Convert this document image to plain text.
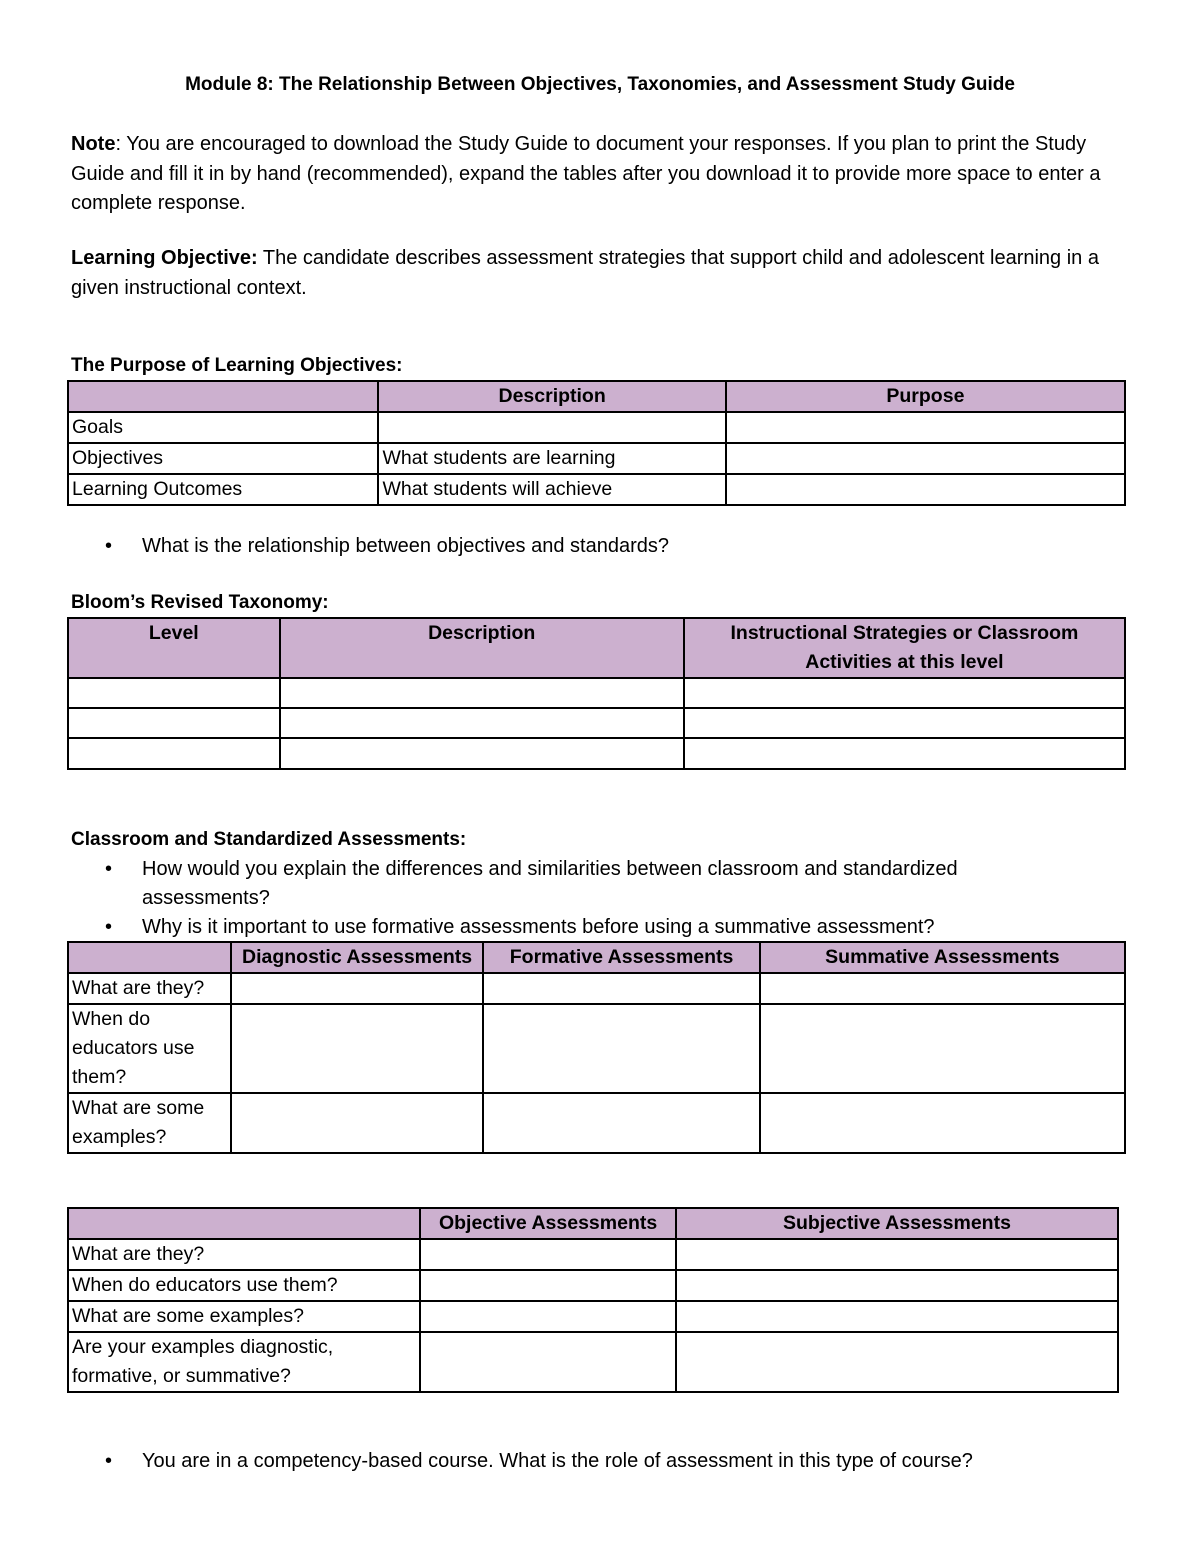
Module 8: The Relationship Between Objectives, Taxonomies, and Assessment Study Guide
Note: You are encouraged to download the Study Guide to document your responses. If you plan to print the Study Guide and fill it in by hand (recommended), expand the tables after you download it to provide more space to enter a complete response.
Learning Objective: The candidate describes assessment strategies that support child and adolescent learning in a given instructional context.
The Purpose of Learning Objectives:
	Description	Purpose
Goals		
Objectives	What students are learning	
Learning Outcomes	What students will achieve	
• What is the relationship between objectives and standards?
Bloom’s Revised Taxonomy:
Level	Description	Instructional Strategies or Classroom Activities at this level

Classroom and Standardized Assessments:
• How would you explain the differences and similarities between classroom and standardized assessments?
• Why is it important to use formative assessments before using a summative assessment?
	Diagnostic Assessments	Formative Assessments	Summative Assessments
What are they?			
When do educators use them?			
What are some examples?			
	Objective Assessments	Subjective Assessments
What are they?		
When do educators use them?		
What are some examples?		
Are your examples diagnostic, formative, or summative?		
• You are in a competency-based course. What is the role of assessment in this type of course?
